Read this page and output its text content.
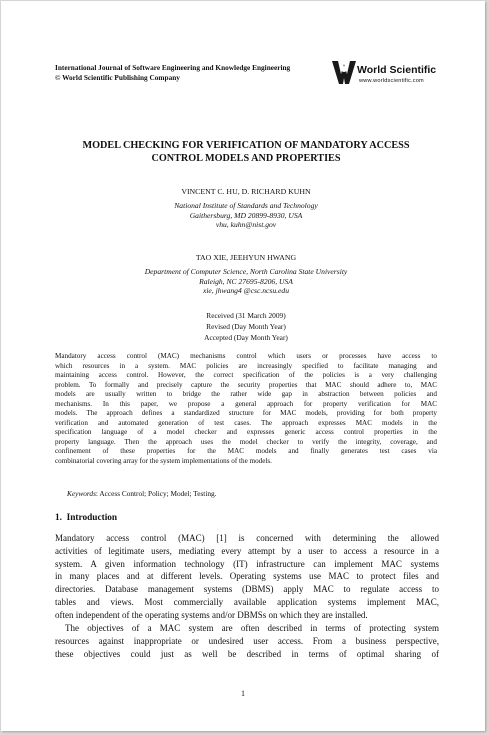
International Journal of Software Engineering and Knowledge Engineering
© World Scientific Publishing Company
World Scientific
www.worldscientific.com
MODEL CHECKING FOR VERIFICATION OF MANDATORY ACCESS
CONTROL MODELS AND PROPERTIES
VINCENT C. HU, D. RICHARD KUHN
National Institute of Standards and Technology
Gaithersburg, MD 20899-8930, USA
vhu, kuhn@nist.gov
TAO XIE, JEEHYUN HWANG
Department of Computer Science, North Carolina State University
Raleigh, NC 27695-8206, USA
xie, jhwang4 @csc.ncsu.edu
Received (31 March 2009)
Revised (Day Month Year)
Accepted (Day Month Year)
Mandatory access control (MAC) mechanisms control which users or processes have access to
which resources in a system. MAC policies are increasingly specified to facilitate managing and
maintaining access control. However, the correct specification of the policies is a very challenging
problem. To formally and precisely capture the security properties that MAC should adhere to, MAC
models are usually written to bridge the rather wide gap in abstraction between policies and
mechanisms. In this paper, we propose a general approach for property verification for MAC
models. The approach defines a standardized structure for MAC models, providing for both property
verification and automated generation of test cases. The approach expresses MAC models in the
specification language of a model checker and expresses generic access control properties in the
property language. Then the approach uses the model checker to verify the integrity, coverage, and
confinement of these properties for the MAC models and finally generates test cases via
combinatorial covering array for the system implementations of the models.
Keywords: Access Control; Policy; Model; Testing.
1. Introduction
Mandatory access control (MAC) [1] is concerned with determining the allowed
activities of legitimate users, mediating every attempt by a user to access a resource in a
system. A given information technology (IT) infrastructure can implement MAC systems
in many places and at different levels. Operating systems use MAC to protect files and
directories. Database management systems (DBMS) apply MAC to regulate access to
tables and views. Most commercially available application systems implement MAC,
often independent of the operating systems and/or DBMSs on which they are installed.
The objectives of a MAC system are often described in terms of protecting system
resources against inappropriate or undesired user access. From a business perspective,
these objectives could just as well be described in terms of optimal sharing of
1
